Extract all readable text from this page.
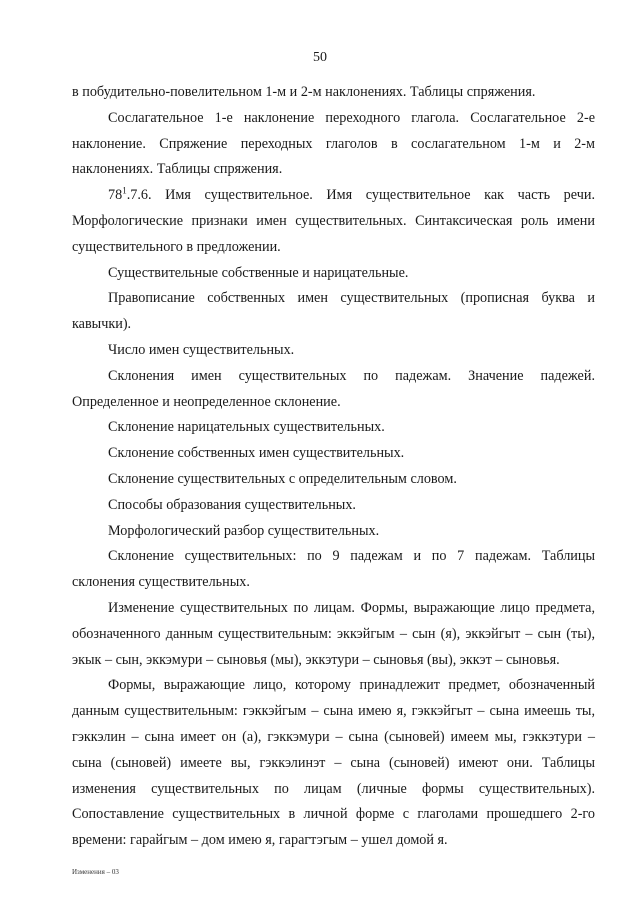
50

в побудительно-повелительном 1-м и 2-м наклонениях. Таблицы спряжения.

Сослагательное 1-е наклонение переходного глагола. Сослагательное 2-е наклонение. Спряжение переходных глаголов в сослагательном 1-м и 2-м наклонениях. Таблицы спряжения.

$78^1.7.6$. Имя существительное. Имя существительное как часть речи. Морфологические признаки имен существительных. Синтаксическая роль имени существительного в предложении.

Существительные собственные и нарицательные.

Правописание собственных имен существительных (прописная буква и кавычки).

Число имен существительных.

Склонения имен существительных по падежам. Значение падежей. Определенное и неопределенное склонение.

Склонение нарицательных существительных.

Склонение собственных имен существительных.

Склонение существительных с определительным словом.

Способы образования существительных.

Морфологический разбор существительных.

Склонение существительных: по 9 падежам и по 7 падежам. Таблицы склонения существительных.

Изменение существительных по лицам. Формы, выражающие лицо предмета, обозначенного данным существительным: эккэйгым – сын (я), эккэйгыт – сын (ты), экык – сын, эккэмури – сыновья (мы), эккэтури – сыновья (вы), эккэт – сыновья.

Формы, выражающие лицо, которому принадлежит предмет, обозначенный данным существительным: гэккэйгым – сына имею я, гэккэйгыт – сына имеешь ты, гэккэлин – сына имеет он (а), гэккэмури – сына (сыновей) имеем мы, гэккэтури – сына (сыновей) имеете вы, гэккэлинэт – сына (сыновей) имеют они. Таблицы изменения существительных по лицам (личные формы существительных). Сопоставление существительных в личной форме с глаголами прошедшего 2-го времени: гарайгым – дом имею я, гарагтэгым – ушел домой я.

Изменения – 03
